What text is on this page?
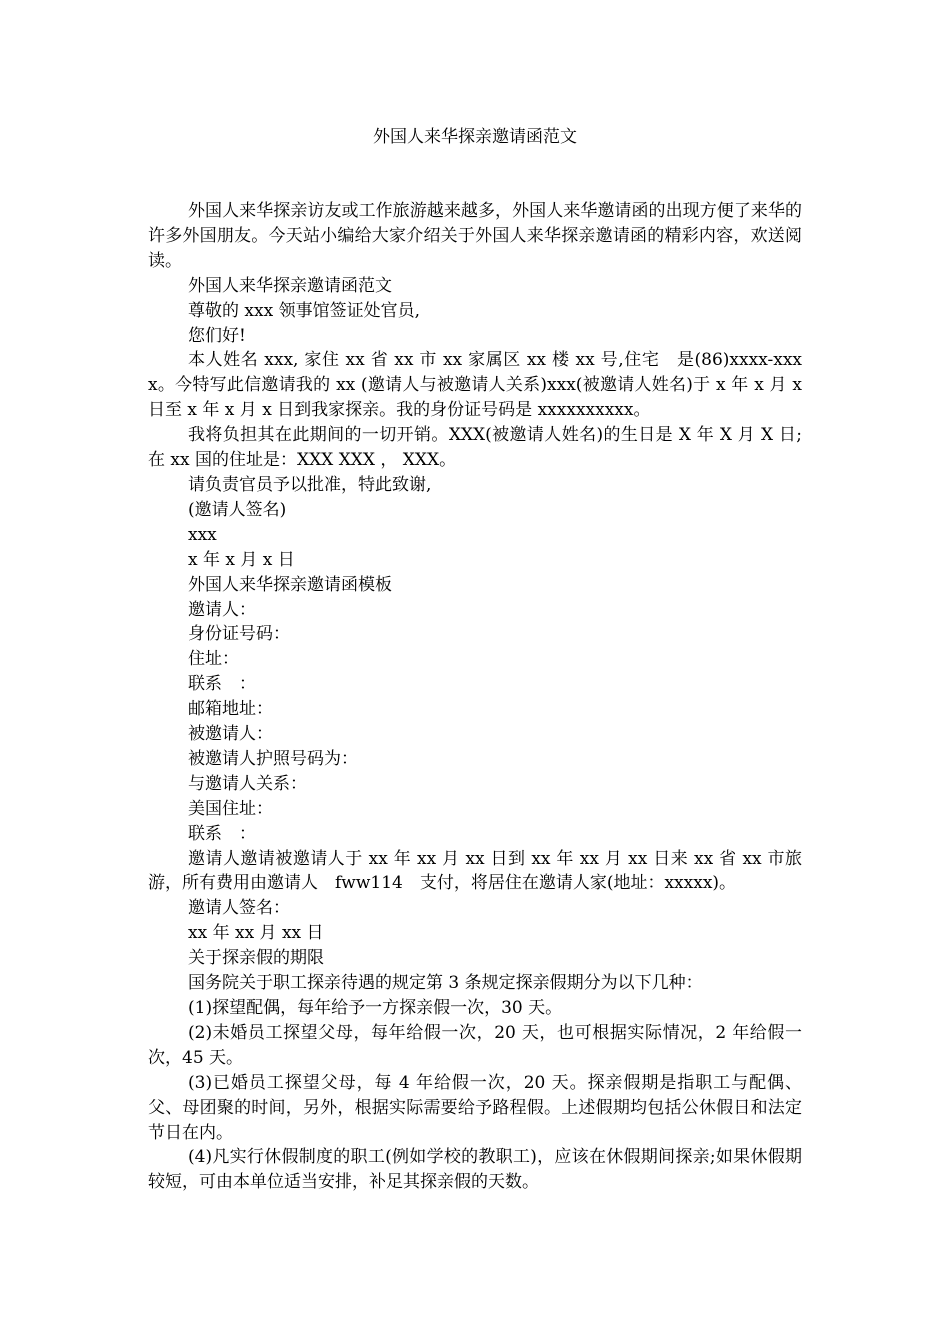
外国人来华探亲邀请函范文

外国人来华探亲访友或工作旅游越来越多，外国人来华邀请函的出现方便了来华的许多外国朋友。今天站小编给大家介绍关于外国人来华探亲邀请函的精彩内容，欢送阅读。

外国人来华探亲邀请函范文

尊敬的 xxx 领事馆签证处官员,

您们好!

本人姓名 xxx, 家住 xx 省 xx 市 xx 家属区 xx 楼 xx 号,住宅　是(86)xxxx-xxxx。今特写此信邀请我的 xx (邀请人与被邀请人关系)xxx(被邀请人姓名)于 x 年 x 月 x 日至 x 年 x 月 x 日到我家探亲。我的身份证号码是 xxxxxxxxxx。

我将负担其在此期间的一切开销。XXX(被邀请人姓名)的生日是 X 年 X 月 X 日;在 xx 国的住址是：XXX XXX ， XXX。

请负责官员予以批准，特此致谢,

(邀请人签名)

xxx

x 年 x 月 x 日

外国人来华探亲邀请函模板

邀请人：

身份证号码：

住址：

联系　：

邮箱地址：

被邀请人：

被邀请人护照号码为：

与邀请人关系：

美国住址：

联系　：

邀请人邀请被邀请人于 xx 年 xx 月 xx 日到 xx 年 xx 月 xx 日来 xx 省 xx 市旅游，所有费用由邀请人　fww114　支付，将居住在邀请人家(地址：xxxxx)。

邀请人签名：

xx 年 xx 月 xx 日

关于探亲假的期限

国务院关于职工探亲待遇的规定第 3 条规定探亲假期分为以下几种：

(1)探望配偶，每年给予一方探亲假一次，30 天。

(2)未婚员工探望父母，每年给假一次，20 天，也可根据实际情况，2 年给假一次，45 天。

(3)已婚员工探望父母，每 4 年给假一次，20 天。探亲假期是指职工与配偶、父、母团聚的时间，另外，根据实际需要给予路程假。上述假期均包括公休假日和法定节日在内。

(4)凡实行休假制度的职工(例如学校的教职工)，应该在休假期间探亲;如果休假期较短，可由本单位适当安排，补足其探亲假的天数。
